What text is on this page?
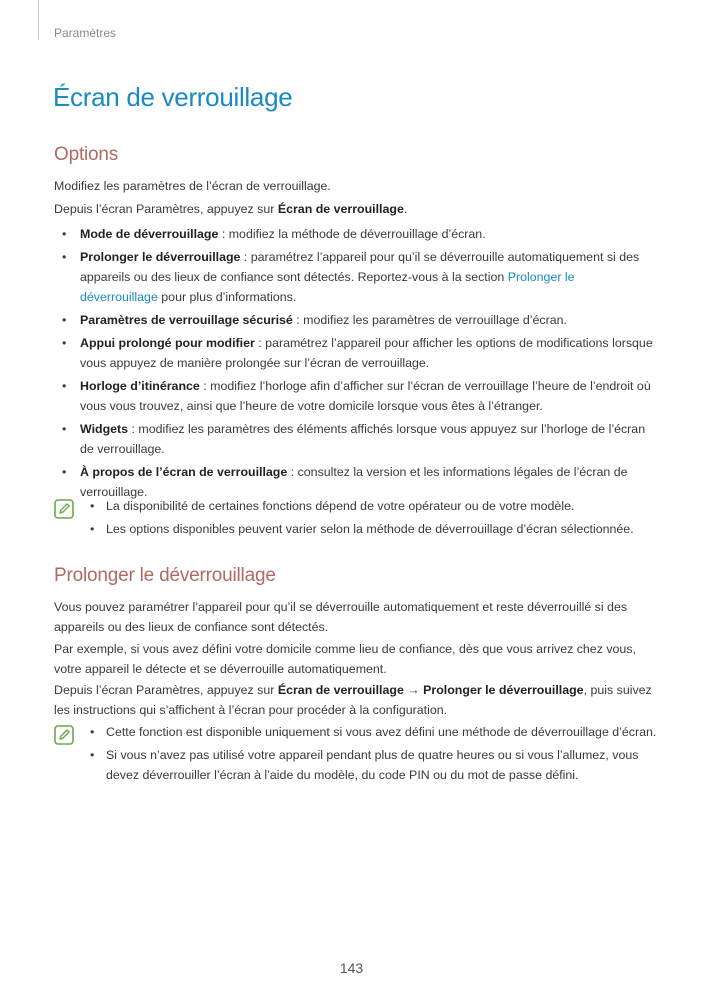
Paramètres
Écran de verrouillage
Options

Modifiez les paramètres de l’écran de verrouillage.

Depuis l’écran Paramètres, appuyez sur Écran de verrouillage.

• Mode de déverrouillage : modifiez la méthode de déverrouillage d’écran.
• Prolonger le déverrouillage : paramétrez l’appareil pour qu’il se déverrouille automatiquement si des appareils ou des lieux de confiance sont détectés. Reportez-vous à la section Prolonger le déverrouillage pour plus d’informations.
• Paramètres de verrouillage sécurisé : modifiez les paramètres de verrouillage d’écran.
• Appui prolongé pour modifier : paramétrez l’appareil pour afficher les options de modifications lorsque vous appuyez de manière prolongée sur l’écran de verrouillage.
• Horloge d’itinérance : modifiez l’horloge afin d’afficher sur l’écran de verrouillage l’heure de l’endroit où vous vous trouvez, ainsi que l’heure de votre domicile lorsque vous êtes à l’étranger.
• Widgets : modifiez les paramètres des éléments affichés lorsque vous appuyez sur l’horloge de l’écran de verrouillage.
• À propos de l’écran de verrouillage : consultez la version et les informations légales de l’écran de verrouillage.
• La disponibilité de certaines fonctions dépend de votre opérateur ou de votre modèle.
• Les options disponibles peuvent varier selon la méthode de déverrouillage d’écran sélectionnée.
Prolonger le déverrouillage

Vous pouvez paramétrer l’appareil pour qu’il se déverrouille automatiquement et reste déverrouillé si des appareils ou des lieux de confiance sont détectés.

Par exemple, si vous avez défini votre domicile comme lieu de confiance, dès que vous arrivez chez vous, votre appareil le détecte et se déverrouille automatiquement.

Depuis l’écran Paramètres, appuyez sur Écran de verrouillage → Prolonger le déverrouillage, puis suivez les instructions qui s’affichent à l’écran pour procéder à la configuration.

• Cette fonction est disponible uniquement si vous avez défini une méthode de déverrouillage d’écran.
• Si vous n’avez pas utilisé votre appareil pendant plus de quatre heures ou si vous l’allumez, vous devez déverrouiller l’écran à l’aide du modèle, du code PIN ou du mot de passe défini.
143
